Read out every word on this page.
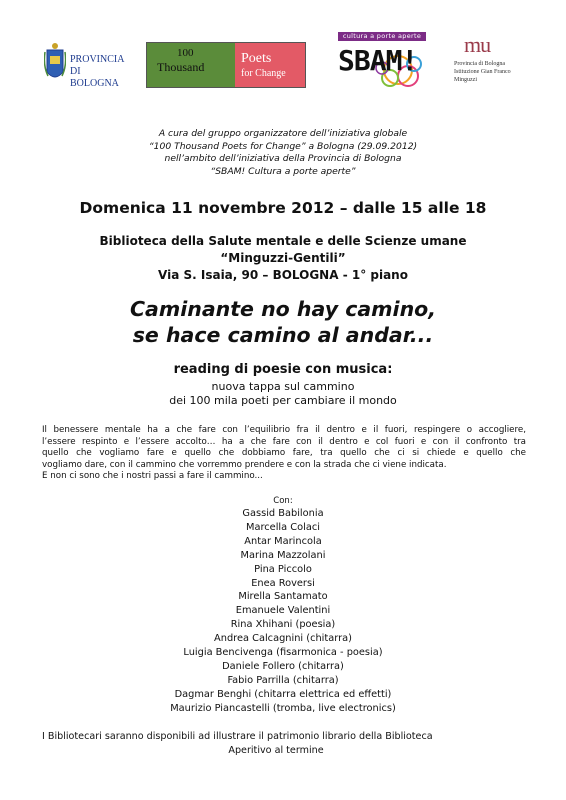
PROVINCIA DI
BOLOGNA
100
Thousand
Poets
for Change
cultura a porte aperte
SBAM! mu
Provincia di Bologna
Istituzione Gian Franco Minguzzi
A cura del gruppo organizzatore dell’iniziativa globale
“100 Thousand Poets for Change” a Bologna (29.09.2012)
nell’ambito dell’iniziativa della Provincia di Bologna
“SBAM! Cultura a porte aperte”
Domenica 11 novembre 2012 – dalle 15 alle 18
Biblioteca della Salute mentale e delle Scienze umane
“Minguzzi-Gentili”
Via S. Isaia, 90 – BOLOGNA - 1° piano
Caminante no hay camino,
se hace camino al andar...
reading di poesie con musica:
nuova tappa sul cammino
dei 100 mila poeti per cambiare il mondo
Il benessere mentale ha a che fare con l’equilibrio fra il dentro e il fuori, respingere o accogliere,
l’essere respinto e l’essere accolto… ha a che fare con il dentro e col fuori e con il confronto tra
quello che vogliamo fare e quello che dobbiamo fare, tra quello che ci si chiede e quello che
vogliamo dare, con il cammino che vorremmo prendere e con la strada che ci viene indicata.
E non ci sono che i nostri passi a fare il cammino...
Con:
Gassid Babilonia
Marcella Colaci
Antar Marincola
Marina Mazzolani
Pina Piccolo
Enea Roversi
Mirella Santamato
Emanuele Valentini
Rina Xhihani (poesia)
Andrea Calcagnini (chitarra)
Luigia Bencivenga (fisarmonica - poesia)
Daniele Follero (chitarra)
Fabio Parrilla (chitarra)
Dagmar Benghi (chitarra elettrica ed effetti)
Maurizio Piancastelli (tromba, live electronics)
I Bibliotecari saranno disponibili ad illustrare il patrimonio librario della Biblioteca
Aperitivo al termine
